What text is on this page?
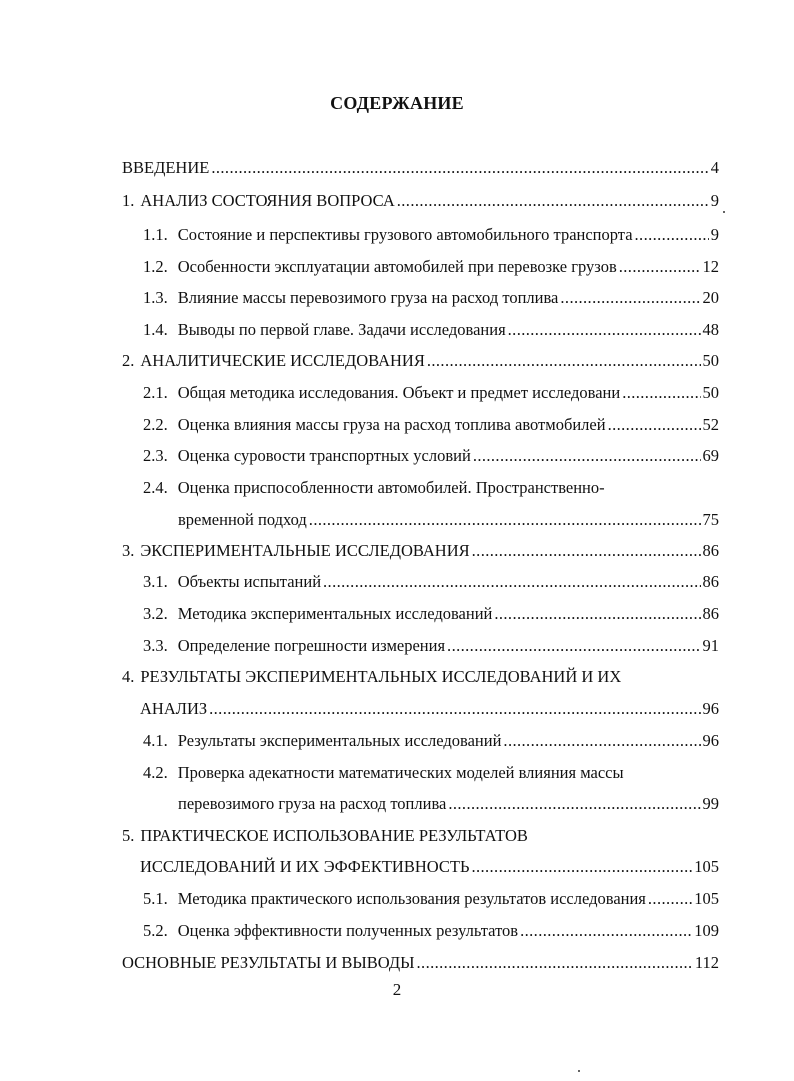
СОДЕРЖАНИЕ
ВВЕДЕНИЕ .....	4
1. АНАЛИЗ СОСТОЯНИЯ ВОПРОСА .....	9
1.1. Состояние и перспективы грузового автомобильного транспорта .....	9
1.2. Особенности эксплуатации автомобилей при перевозке грузов .....	12
1.3. Влияние массы перевозимого груза на расход топлива .....	20
1.4. Выводы по первой главе. Задачи исследования .....	48
2. АНАЛИТИЧЕСКИЕ ИССЛЕДОВАНИЯ .....	50
2.1. Общая методика исследования. Объект и предмет исследовани .....	50
2.2. Оценка влияния массы груза на расход топлива авотмобилей .....	52
2.3. Оценка суровости транспортных условий .....	69
2.4. Оценка приспособленности автомобилей. Пространственно-
временной подход .....	75
3. ЭКСПЕРИМЕНТАЛЬНЫЕ ИССЛЕДОВАНИЯ .....	86
3.1. Объекты испытаний .....	86
3.2. Методика экспериментальных исследований .....	86
3.3. Определение погрешности измерения .....	91
4. РЕЗУЛЬТАТЫ ЭКСПЕРИМЕНТАЛЬНЫХ ИССЛЕДОВАНИЙ И ИХ
АНАЛИЗ .....	96
4.1. Результаты экспериментальных исследований .....	96
4.2. Проверка адекатности математических моделей влияния массы
перевозимого груза на расход топлива .....	99
5. ПРАКТИЧЕСКОЕ ИСПОЛЬЗОВАНИЕ РЕЗУЛЬТАТОВ
ИССЛЕДОВАНИЙ И ИХ ЭФФЕКТИВНОСТЬ .....	105
5.1. Методика практического использования результатов исследования .....	105
5.2. Оценка эффективности полученных результатов .....	109
ОСНОВНЫЕ РЕЗУЛЬТАТЫ И ВЫВОДЫ .....	112
2
